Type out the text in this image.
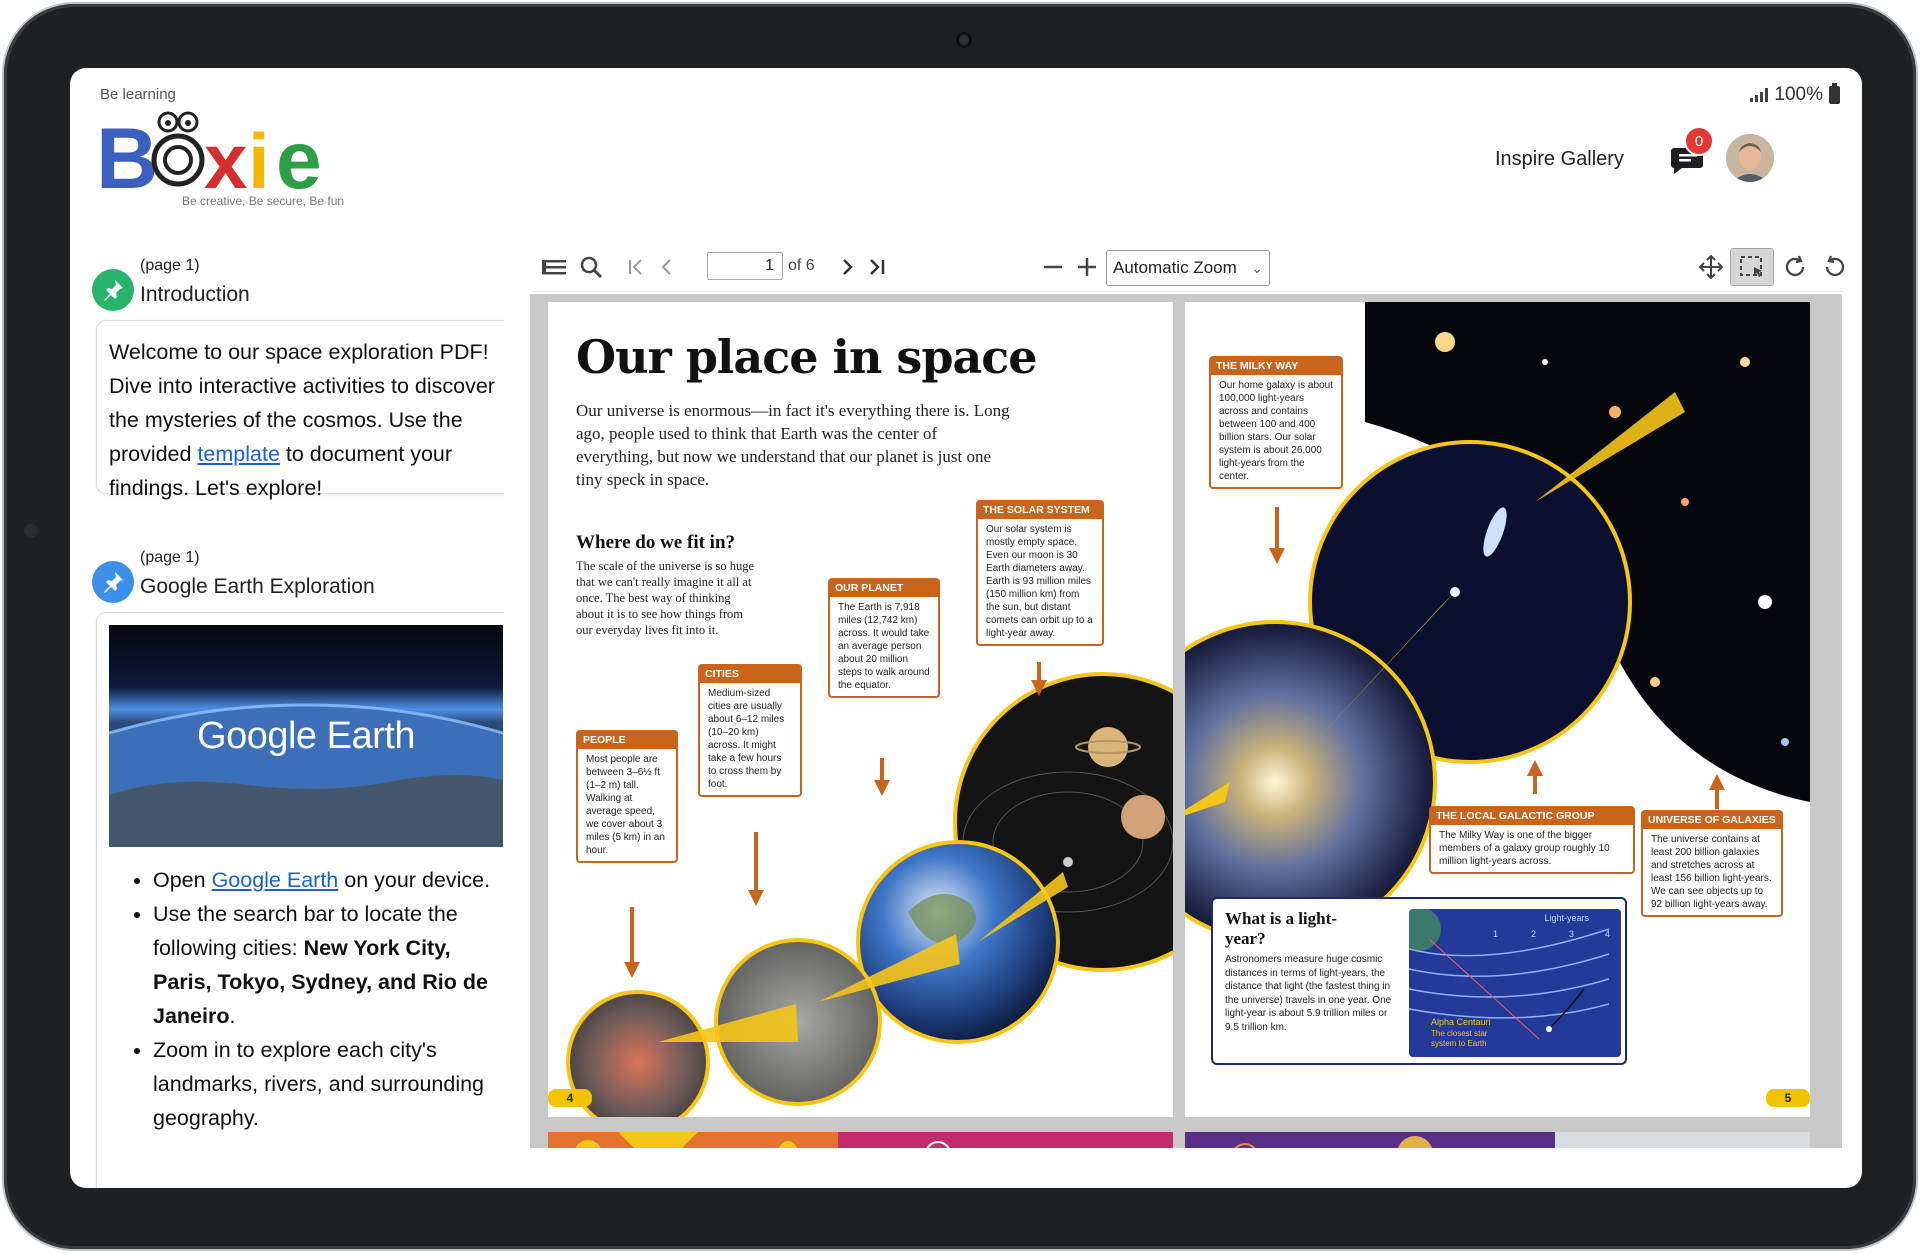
100%
Be learning
B x i e
Be creative, Be secure, Be fun
Inspire Gallery
0
(page 1)
Introduction
Welcome to our space exploration PDF! Dive into interactive activities to discover the mysteries of the cosmos. Use the provided template to document your findings. Let's explore!
(page 1)
Google Earth Exploration
Google Earth
• Open Google Earth on your device.
• Use the search bar to locate the following cities: New York City, Paris, Tokyo, Sydney, and Rio de Janeiro.
• Zoom in to explore each city's landmarks, rivers, and surrounding geography.
1
of 6	Automatic Zoom ⌄
Our place in space
Our universe is enormous—in fact it's everything there is. Long ago, people used to think that Earth was the center of everything, but now we understand that our planet is just one tiny speck in space.
Where do we fit in?
The scale of the universe is so huge that we can't really imagine it all at once. The best way of thinking about it is to see how things from our everyday lives fit into it.
PEOPLE
Most people are between 3–6½ ft (1–2 m) tall. Walking at average speed, we cover about 3 miles (5 km) in an hour.
CITIES
Medium-sized cities are usually about 6–12 miles (10–20 km) across. It might take a few hours to cross them by foot.
OUR PLANET
The Earth is 7,918 miles (12,742 km) across. It would take an average person about 20 million steps to walk around the equator.
THE SOLAR SYSTEM
Our solar system is mostly empty space. Even our moon is 30 Earth diameters away. Earth is 93 million miles (150 million km) from the sun, but distant comets can orbit up to a light-year away.
4
THE MILKY WAY
Our home galaxy is about 100,000 light-years across and contains between 100 and 400 billion stars. Our solar system is about 26,000 light-years from the center.
THE LOCAL GALACTIC GROUP
The Milky Way is one of the bigger members of a galaxy group roughly 10 million light-years across.
UNIVERSE OF GALAXIES
The universe contains at least 200 billion galaxies and stretches across at least 156 billion light-years. We can see objects up to 92 billion light-years away.
What is a light-year?
Astronomers measure huge cosmic distances in terms of light-years, the distance that light (the fastest thing in the universe) travels in one year. One light-year is about 5.9 trillion miles or 9.5 trillion km.
Light-years
1	2	3	4
Alpha Centauri
The closest star system to Earth
5
